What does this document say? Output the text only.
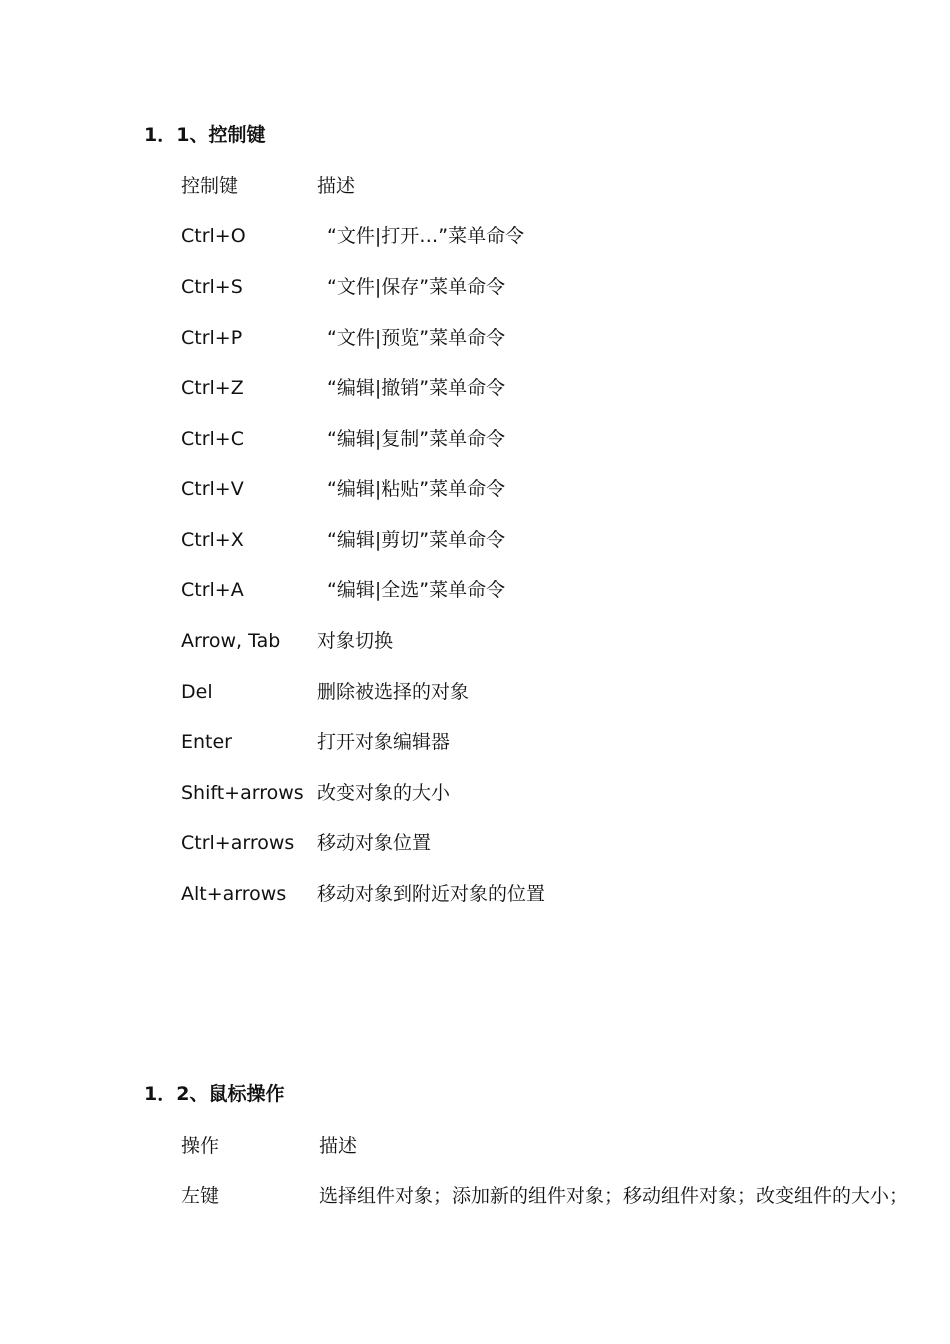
1．1、控制键
控制键	描述
Ctrl+O	“文件|打开…”菜单命令
Ctrl+S	“文件|保存”菜单命令
Ctrl+P	“文件|预览”菜单命令
Ctrl+Z	“编辑|撤销”菜单命令
Ctrl+C	“编辑|复制”菜单命令
Ctrl+V	“编辑|粘贴”菜单命令
Ctrl+X	“编辑|剪切”菜单命令
Ctrl+A	“编辑|全选”菜单命令
Arrow, Tab 对象切换
Del	删除被选择的对象
Enter	打开对象编辑器
Shift+arrows 改变对象的大小
Ctrl+arrows 移动对象位置
Alt+arrows 移动对象到附近对象的位置
1．2、鼠标操作
操作	描述
左键	选择组件对象；添加新的组件对象；移动组件对象；改变组件的大小；
